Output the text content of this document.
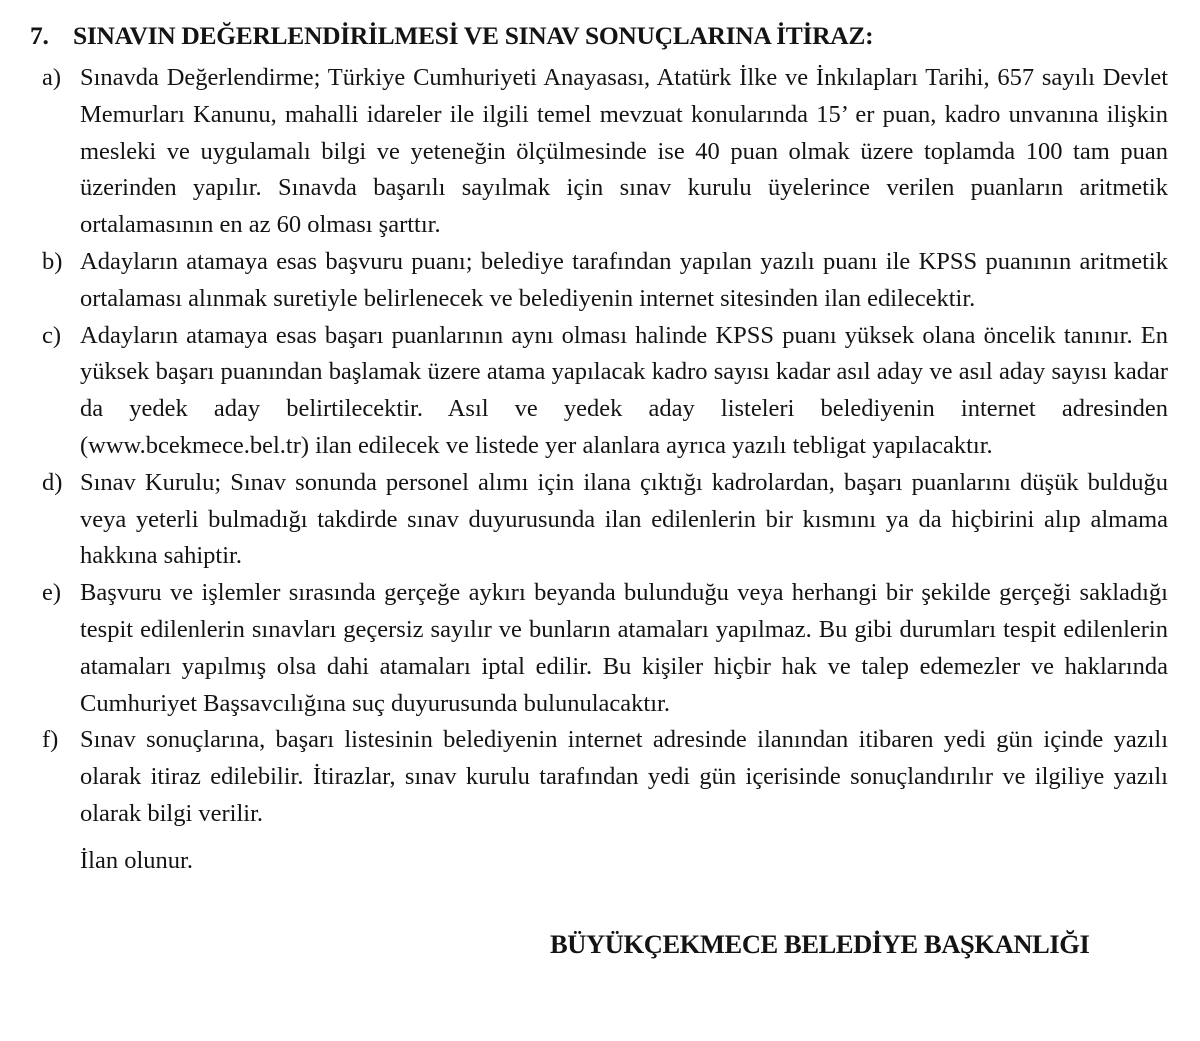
7. SINAVIN DEĞERLENDİRİLMESİ VE SINAV SONUÇLARINA İTİRAZ:
a) Sınavda Değerlendirme; Türkiye Cumhuriyeti Anayasası, Atatürk İlke ve İnkılapları Tarihi, 657 sayılı Devlet Memurları Kanunu, mahalli idareler ile ilgili temel mevzuat konularında 15’ er puan, kadro unvanına ilişkin mesleki ve uygulamalı bilgi ve yeteneğin ölçülmesinde ise 40 puan olmak üzere toplamda 100 tam puan üzerinden yapılır. Sınavda başarılı sayılmak için sınav kurulu üyelerince verilen puanların aritmetik ortalamasının en az 60 olması şarttır.
b) Adayların atamaya esas başvuru puanı; belediye tarafından yapılan yazılı puanı ile KPSS puanının aritmetik ortalaması alınmak suretiyle belirlenecek ve belediyenin internet sitesinden ilan edilecektir.
c) Adayların atamaya esas başarı puanlarının aynı olması halinde KPSS puanı yüksek olana öncelik tanınır. En yüksek başarı puanından başlamak üzere atama yapılacak kadro sayısı kadar asıl aday ve asıl aday sayısı kadar da yedek aday belirtilecektir. Asıl ve yedek aday listeleri belediyenin internet adresinden (www.bcekmece.bel.tr) ilan edilecek ve listede yer alanlara ayrıca yazılı tebligat yapılacaktır.
d) Sınav Kurulu; Sınav sonunda personel alımı için ilana çıktığı kadrolardan, başarı puanlarını düşük bulduğu veya yeterli bulmadığı takdirde sınav duyurusunda ilan edilenlerin bir kısmını ya da hiçbirini alıp almama hakkına sahiptir.
e) Başvuru ve işlemler sırasında gerçeğe aykırı beyanda bulunduğu veya herhangi bir şekilde gerçeği sakladığı tespit edilenlerin sınavları geçersiz sayılır ve bunların atamaları yapılmaz. Bu gibi durumları tespit edilenlerin atamaları yapılmış olsa dahi atamaları iptal edilir. Bu kişiler hiçbir hak ve talep edemezler ve haklarında Cumhuriyet Başsavcılığına suç duyurusunda bulunulacaktır.
f) Sınav sonuçlarına, başarı listesinin belediyenin internet adresinde ilanından itibaren yedi gün içinde yazılı olarak itiraz edilebilir. İtirazlar, sınav kurulu tarafından yedi gün içerisinde sonuçlandırılır ve ilgiliye yazılı olarak bilgi verilir.
İlan olunur.
BÜYÜKÇEKMECE BELEDİYE BAŞKANLIĞI
